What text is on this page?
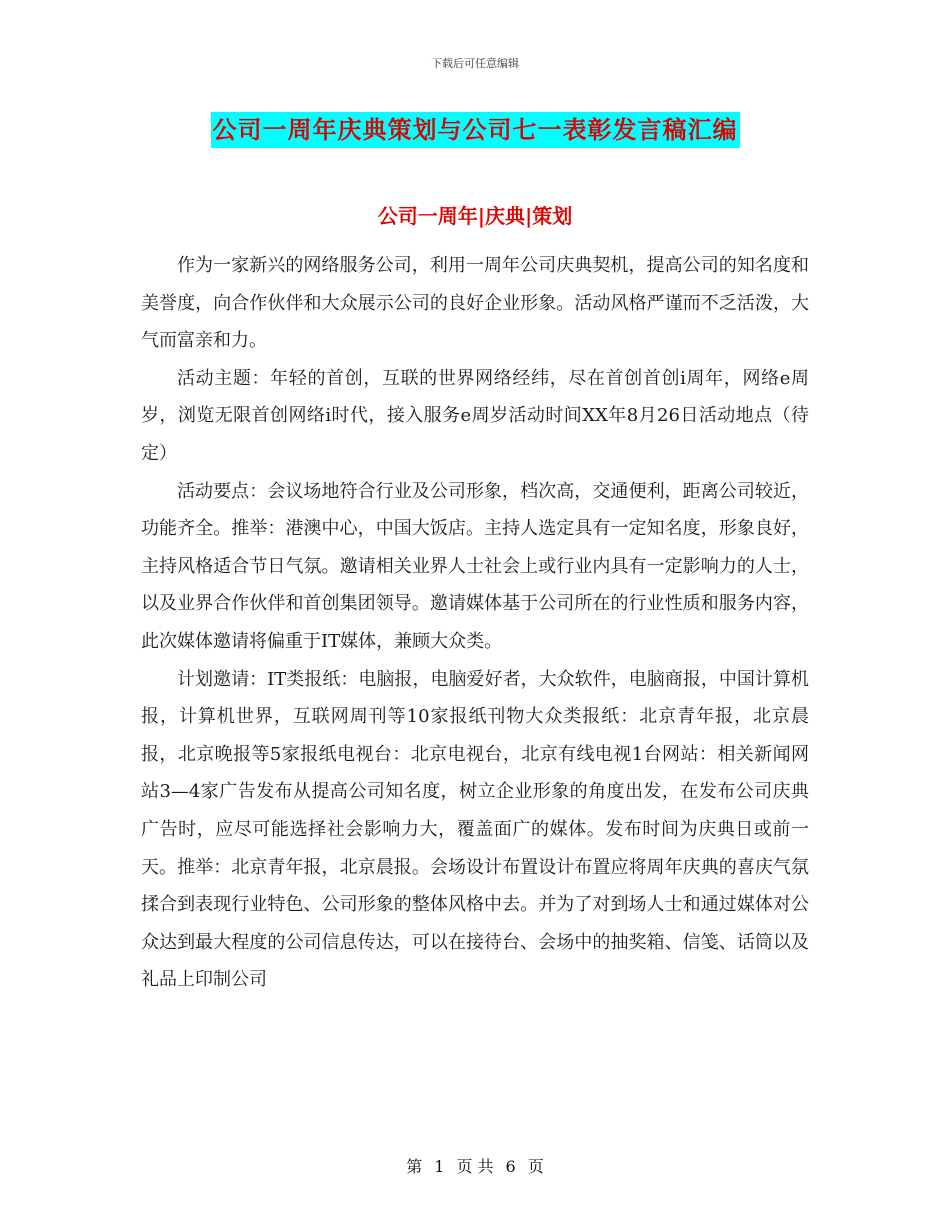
下载后可任意编辑
公司一周年庆典策划与公司七一表彰发言稿汇编
公司一周年|庆典|策划

作为一家新兴的网络服务公司，利用一周年公司庆典契机，提高公司的知名度和美誉度，向合作伙伴和大众展示公司的良好企业形象。活动风格严谨而不乏活泼，大气而富亲和力。

活动主题：年轻的首创，互联的世界网络经纬，尽在首创首创i周年，网络e周岁，浏览无限首创网络i时代，接入服务e周岁活动时间XX年8月26日活动地点（待定）

活动要点：会议场地符合行业及公司形象，档次高，交通便利，距离公司较近，功能齐全。推举：港澳中心，中国大饭店。主持人选定具有一定知名度，形象良好，主持风格适合节日气氛。邀请相关业界人士社会上或行业内具有一定影响力的人士，以及业界合作伙伴和首创集团领导。邀请媒体基于公司所在的行业性质和服务内容，此次媒体邀请将偏重于IT媒体，兼顾大众类。

计划邀请：IT类报纸：电脑报，电脑爱好者，大众软件，电脑商报，中国计算机报，计算机世界，互联网周刊等10家报纸刊物大众类报纸：北京青年报，北京晨报，北京晚报等5家报纸电视台：北京电视台，北京有线电视1台网站：相关新闻网站3—4家广告发布从提高公司知名度，树立企业形象的角度出发，在发布公司庆典广告时，应尽可能选择社会影响力大，覆盖面广的媒体。发布时间为庆典日或前一天。推举：北京青年报，北京晨报。会场设计布置设计布置应将周年庆典的喜庆气氛揉合到表现行业特色、公司形象的整体风格中去。并为了对到场人士和通过媒体对公众达到最大程度的公司信息传达，可以在接待台、会场中的抽奖箱、信笺、话筒以及礼品上印制公司

第 1 页 共 6 页
